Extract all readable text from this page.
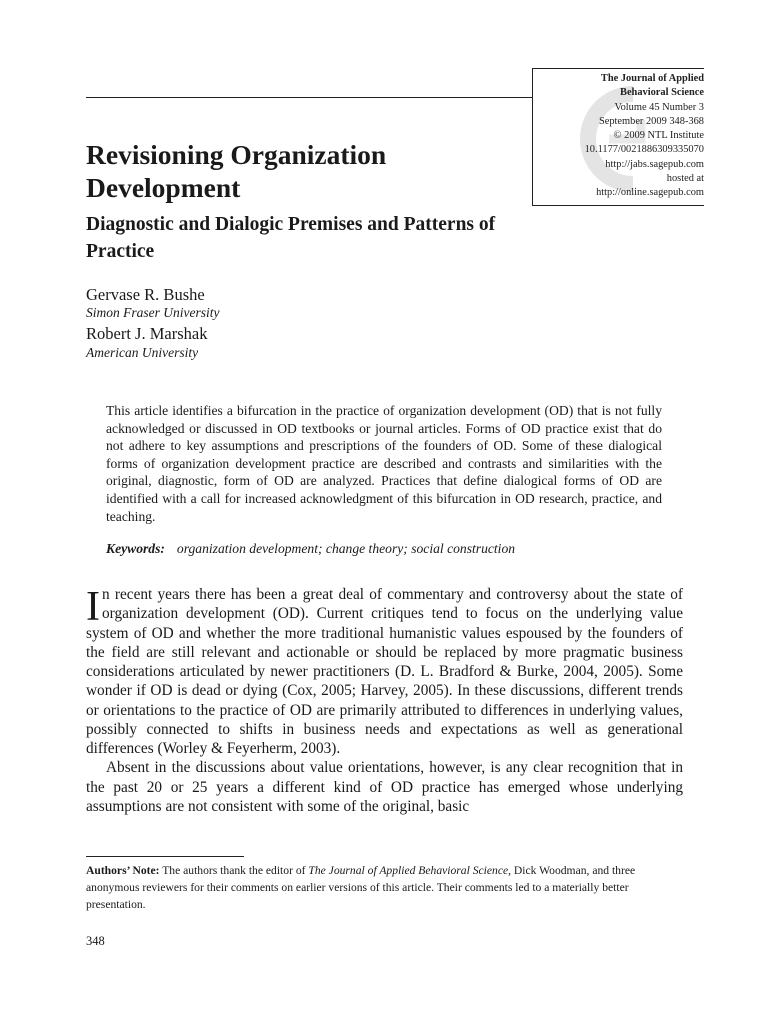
The Journal of Applied
Behavioral Science
Volume 45 Number 3
September 2009 348-368
© 2009 NTL Institute
10.1177/0021886309335070
http://jabs.sagepub.com
hosted at
http://online.sagepub.com
Revisioning Organization Development
Diagnostic and Dialogic Premises and Patterns of Practice
Gervase R. Bushe
Simon Fraser University
Robert J. Marshak
American University

This article identifies a bifurcation in the practice of organization development (OD) that is not fully acknowledged or discussed in OD textbooks or journal articles. Forms of OD practice exist that do not adhere to key assumptions and prescriptions of the founders of OD. Some of these dialogical forms of organization development practice are described and contrasts and similarities with the original, diagnostic, form of OD are analyzed. Practices that define dialogical forms of OD are identified with a call for increased acknowledgment of this bifurcation in OD research, practice, and teaching.

Keywords: organization development; change theory; social construction

In recent years there has been a great deal of commentary and controversy about the state of organization development (OD). Current critiques tend to focus on the underlying value system of OD and whether the more traditional humanistic values espoused by the founders of the field are still relevant and actionable or should be replaced by more pragmatic business considerations articulated by newer practitioners (D. L. Bradford & Burke, 2004, 2005). Some wonder if OD is dead or dying (Cox, 2005; Harvey, 2005). In these discussions, different trends or orientations to the practice of OD are primarily attributed to differences in underlying values, possibly connected to shifts in business needs and expectations as well as generational differences (Worley & Feyerherm, 2003).

Absent in the discussions about value orientations, however, is any clear recognition that in the past 20 or 25 years a different kind of OD practice has emerged whose underlying assumptions are not consistent with some of the original, basic

Authors’ Note: The authors thank the editor of The Journal of Applied Behavioral Science, Dick Woodman, and three anonymous reviewers for their comments on earlier versions of this article. Their comments led to a materially better presentation.

348
